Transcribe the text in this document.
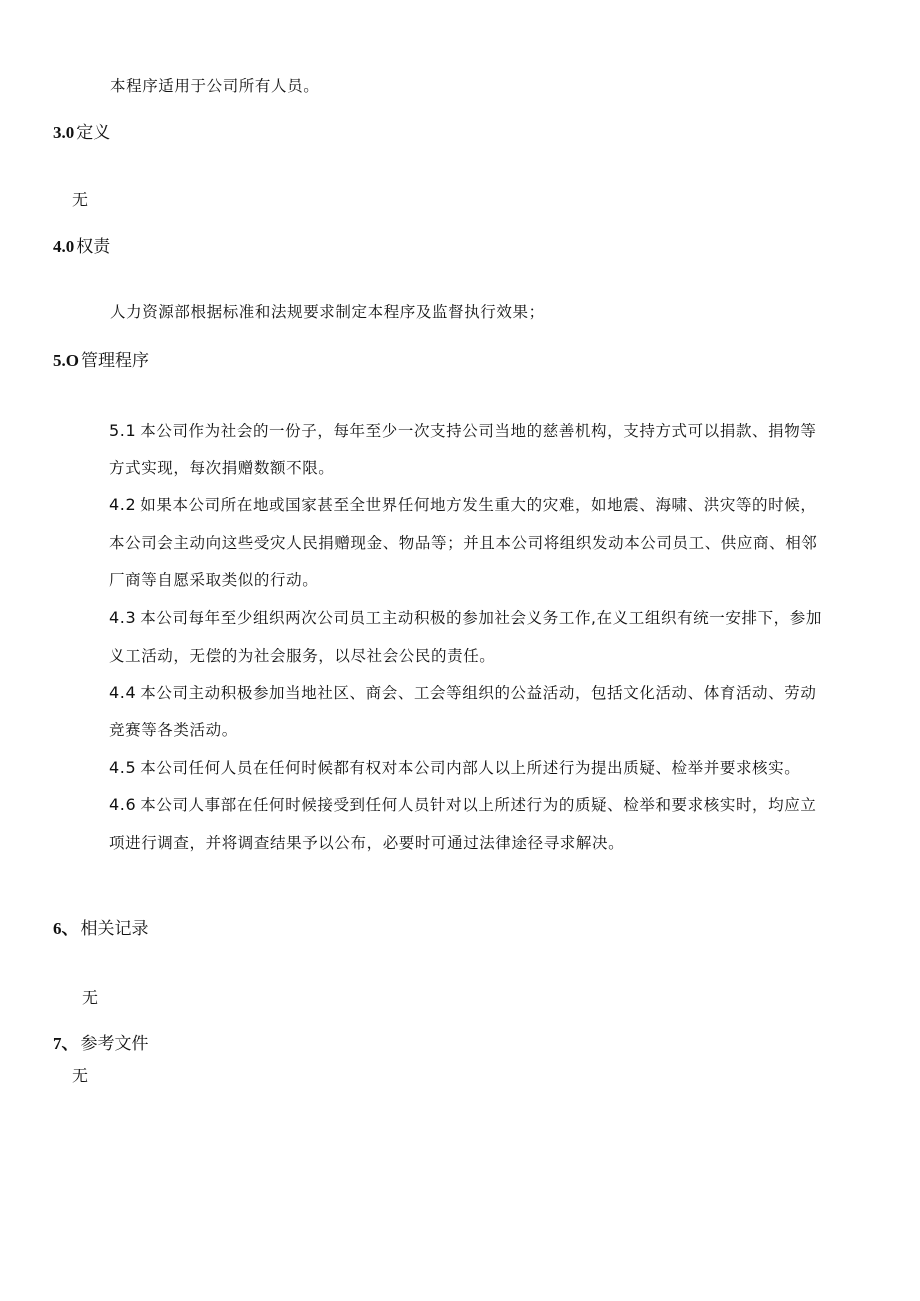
本程序适用于公司所有人员。
3.0 定义
无
4.0 权责
人力资源部根据标准和法规要求制定本程序及监督执行效果；
5.O 管理程序
5.1 本公司作为社会的一份子，每年至少一次支持公司当地的慈善机构，支持方式可以捐款、捐物等
方式实现，每次捐赠数额不限。
4.2 如果本公司所在地或国家甚至全世界任何地方发生重大的灾难，如地震、海啸、洪灾等的时候，
本公司会主动向这些受灾人民捐赠现金、物品等；并且本公司将组织发动本公司员工、供应商、相邻
厂商等自愿采取类似的行动。
4.3 本公司每年至少组织两次公司员工主动积极的参加社会义务工作,在义工组织有统一安排下，参加
义工活动，无偿的为社会服务，以尽社会公民的责任。
4.4 本公司主动积极参加当地社区、商会、工会等组织的公益活动，包括文化活动、体育活动、劳动
竞赛等各类活动。
4.5 本公司任何人员在任何时候都有权对本公司内部人以上所述行为提出质疑、检举并要求核实。
4.6 本公司人事部在任何时候接受到任何人员针对以上所述行为的质疑、检举和要求核实时，均应立
项进行调查，并将调查结果予以公布，必要时可通过法律途径寻求解决。
6、 相关记录
无
7、 参考文件
无
